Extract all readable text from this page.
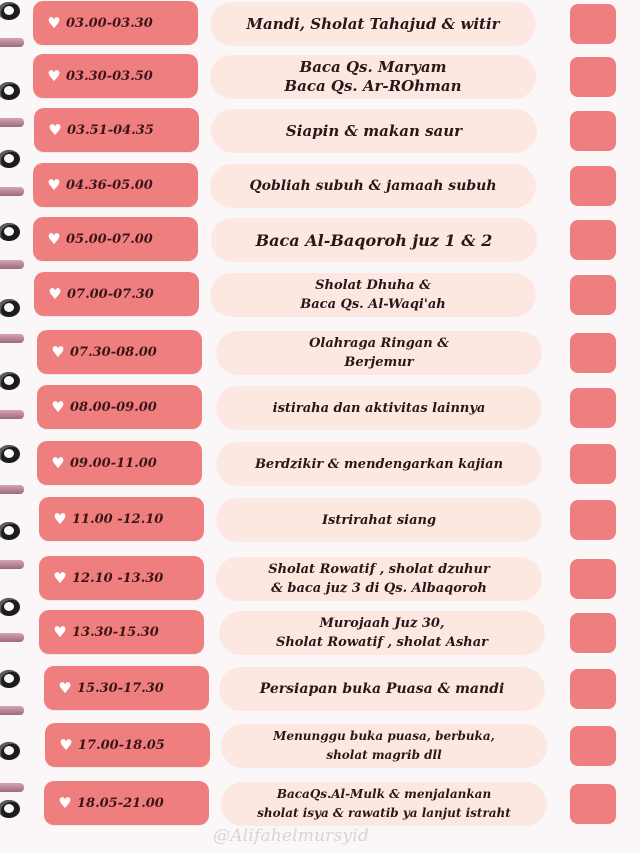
♥ 03.00-03.30	Mandi, Sholat Tahajud & witir
♥ 03.30-03.50	Baca Qs. Maryam
Baca Qs. Ar-ROhman
♥ 03.51-04.35	Siapin & makan saur
♥ 04.36-05.00	Qobliah subuh & jamaah subuh
♥ 05.00-07.00	Baca Al-Baqoroh juz 1 & 2
♥ 07.00-07.30
Sholat Dhuha &
Baca Qs. Al-Waqi'ah
♥ 07.30-08.00
Olahraga Ringan &
Berjemur
♥ 08.00-09.00	istiraha dan aktivitas lainnya
♥ 09.00-11.00	Berdzikir & mendengarkan kajian
♥ 11.00 -12.10	Istrirahat siang
♥ 12.10 -13.30
Sholat Rowatif , sholat dzuhur
& baca juz 3 di Qs. Albaqoroh
♥ 13.30-15.30
Murojaah Juz 30,
Sholat Rowatif , sholat Ashar
♥ 15.30-17.30	Persiapan buka Puasa & mandi
♥ 17.00-18.05
Menunggu buka puasa, berbuka,
sholat magrib dll
♥ 18.05-21.00
BacaQs.Al-Mulk & menjalankan
sholat isya & rawatib ya lanjut istraht
@Alifahelmursyid
